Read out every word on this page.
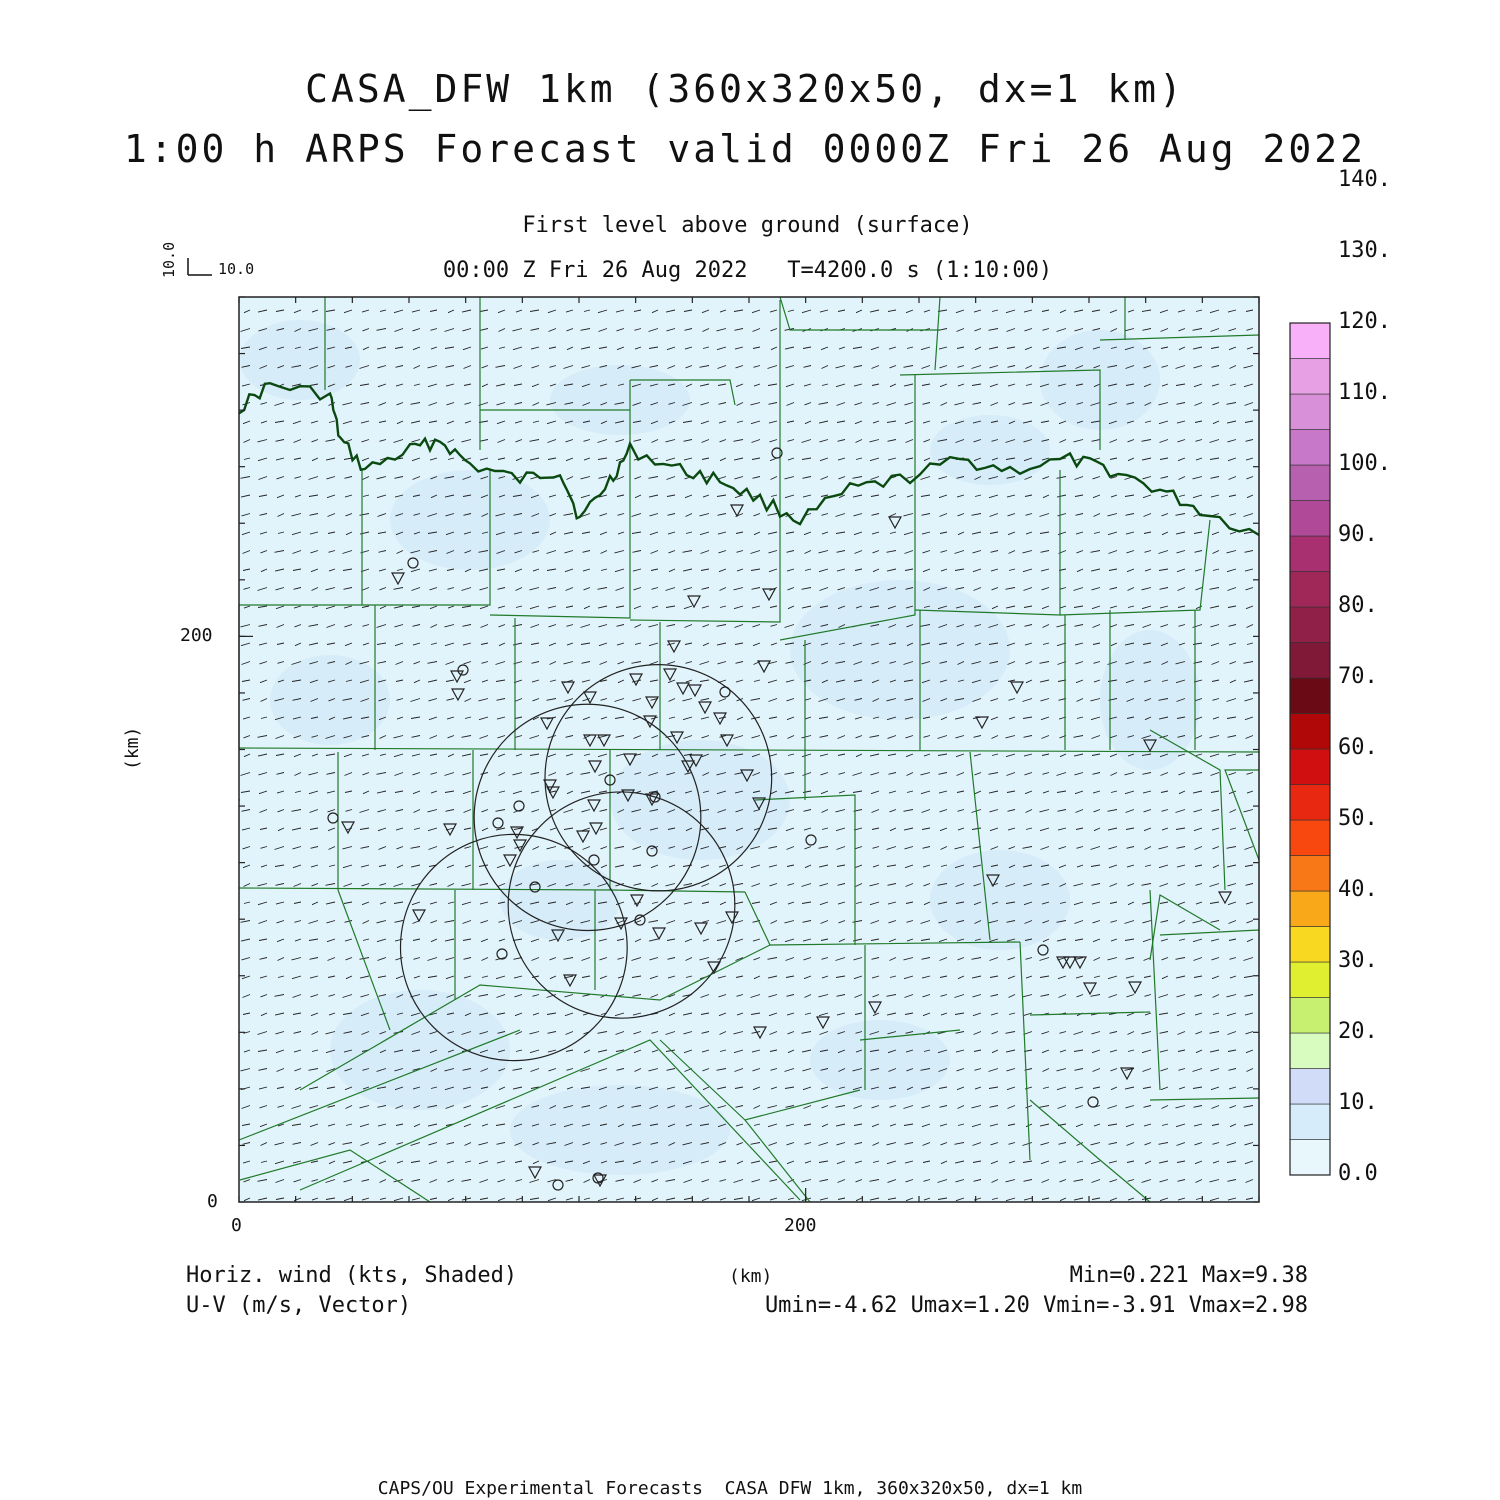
CASA_DFW 1km (360x320x50, dx=1 km)
1:00 h ARPS Forecast valid 0000Z Fri 26 Aug 2022
First level above ground (surface)
00:00 Z Fri 26 Aug 2022   T=4200.0 s (1:10:00)
10.0	10.0
0	200
0
200
(km)
(km)
0.0
10.
20.
30.
40.
50.
60.
70.
80.
90.
100.
110.
120.
130.
140.
Horiz. wind (kts, Shaded)
U-V (m/s, Vector)
Min=0.221 Max=9.38
Umin=-4.62 Umax=1.20 Vmin=-3.91 Vmax=2.98
CAPS/OU Experimental Forecasts  CASA DFW 1km, 360x320x50, dx=1 km
